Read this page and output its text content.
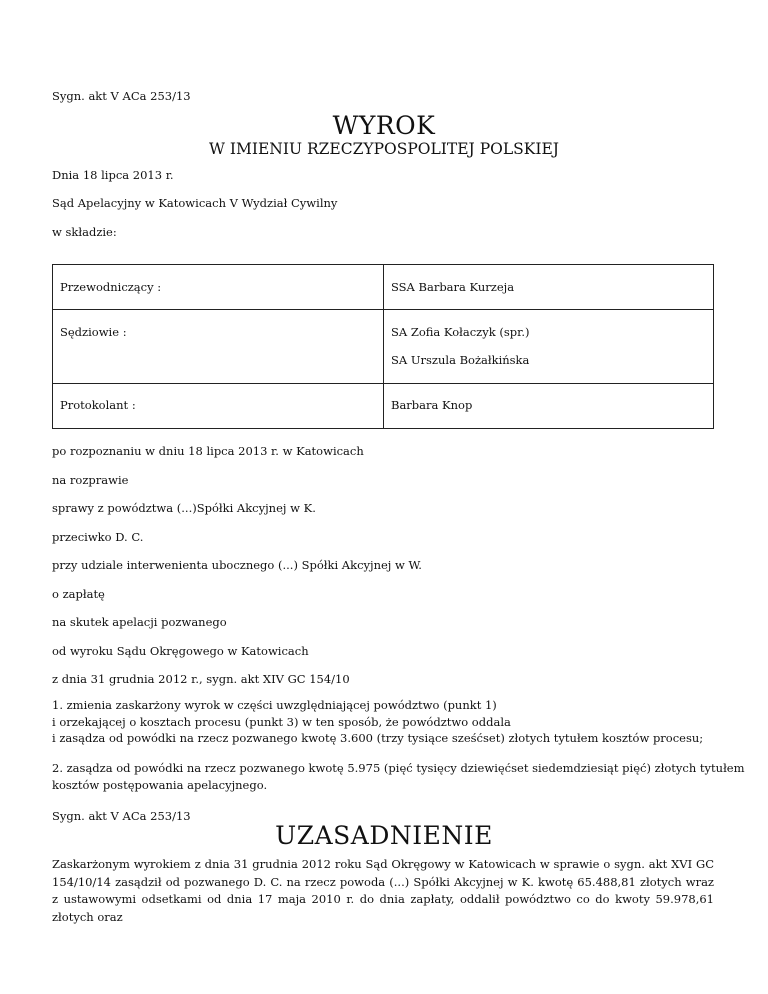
Sygn. akt V ACa 253/13
WYROK
W IMIENIU RZECZYPOSPOLITEJ POLSKIEJ
Dnia 18 lipca 2013 r.
Sąd Apelacyjny w Katowicach V Wydział Cywilny
w składzie:
Przewodniczący :	SSA Barbara Kurzeja

Sędziowie :	SA Zofia Kołaczyk (spr.)
SA Urszula Bożałkińska

Protokolant :	Barbara Knop
po rozpoznaniu w dniu 18 lipca 2013 r. w Katowicach
na rozprawie
sprawy z powództwa (...)Spółki Akcyjnej w K.
przeciwko D. C.
przy udziale interwenienta ubocznego (...) Spółki Akcyjnej w W.
o zapłatę
na skutek apelacji pozwanego
od wyroku Sądu Okręgowego w Katowicach
z dnia 31 grudnia 2012 r., sygn. akt XIV GC 154/10
1. zmienia zaskarżony wyrok w części uwzględniającej powództwo (punkt 1)
i orzekającej o kosztach procesu (punkt 3) w ten sposób, że powództwo oddala
i zasądza od powódki na rzecz pozwanego kwotę 3.600 (trzy tysiące sześćset) złotych tytułem kosztów procesu;
2. zasądza od powódki na rzecz pozwanego kwotę 5.975 (pięć tysięcy dziewięćset siedemdziesiąt pięć) złotych tytułem
kosztów postępowania apelacyjnego.
Sygn. akt V ACa 253/13
UZASADNIENIE
Zaskarżonym wyrokiem z dnia 31 grudnia 2012 roku Sąd Okręgowy w Katowicach w sprawie o sygn. akt XVI GC 154/10/14 zasądził od pozwanego D. C. na rzecz powoda (...) Spółki Akcyjnej w K. kwotę 65.488,81 złotych wraz z ustawowymi odsetkami od dnia 17 maja 2010 r. do dnia zapłaty, oddalił powództwo co do kwoty 59.978,61 złotych oraz
